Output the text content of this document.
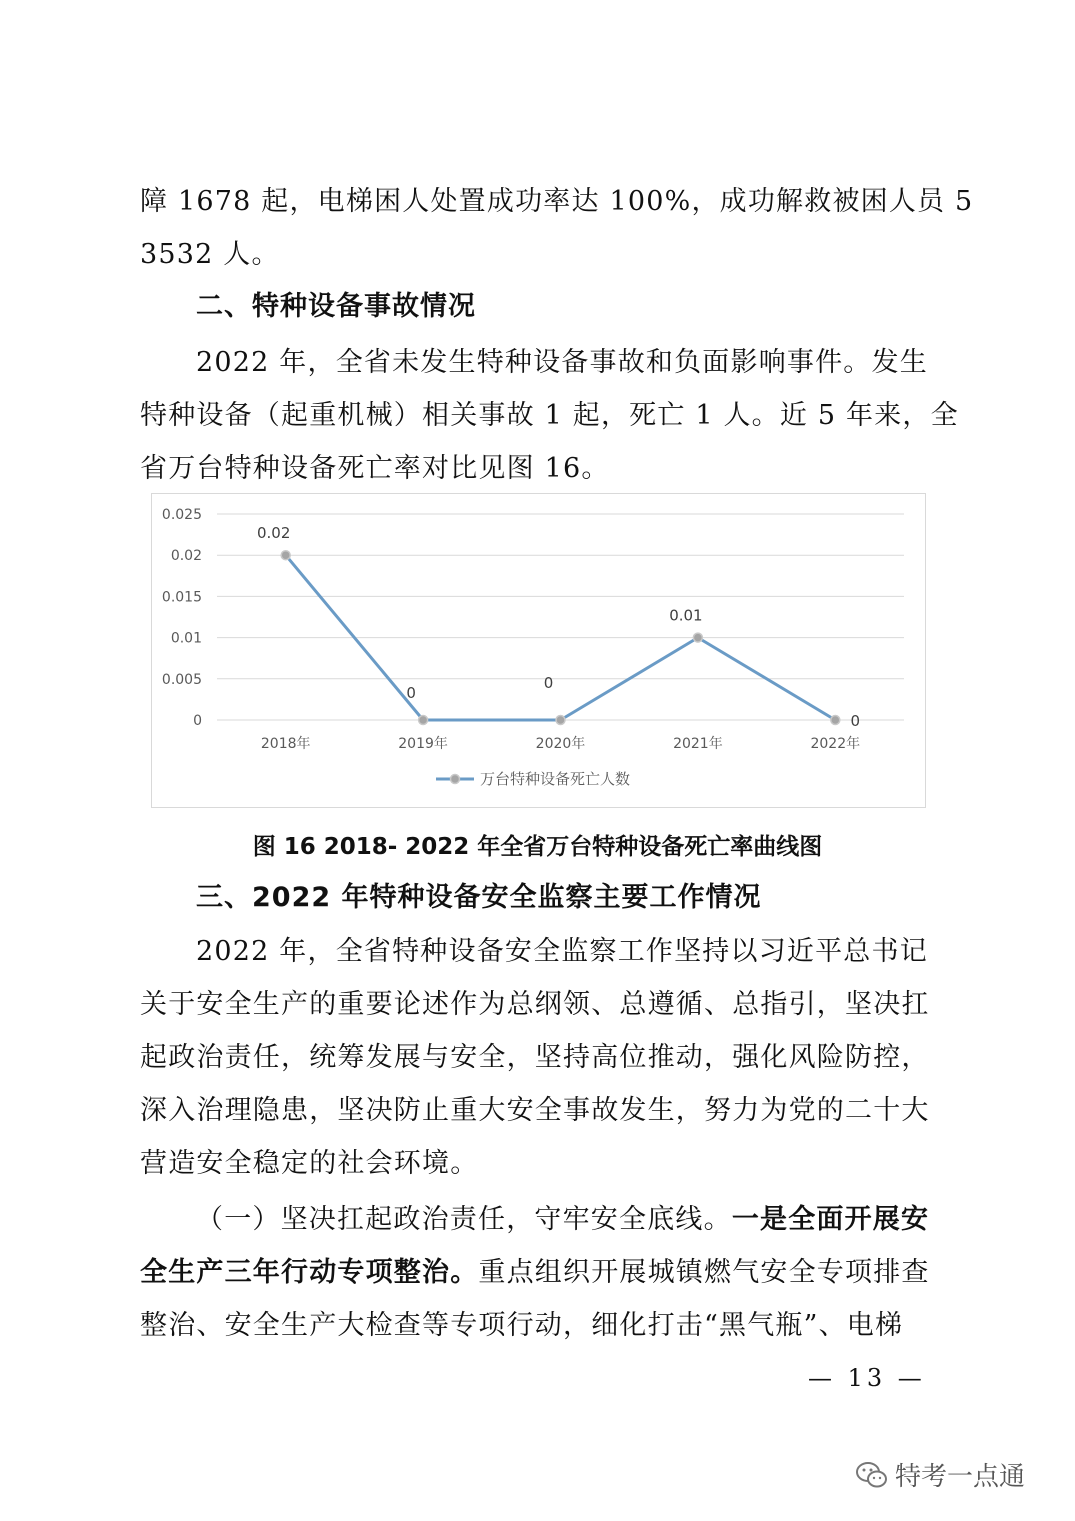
障 1678 起，电梯困人处置成功率达 100%，成功解救被困人员 5
3532 人。

二、特种设备事故情况

2022 年，全省未发生特种设备事故和负面影响事件。发生
特种设备（起重机械）相关事故 1 起，死亡 1 人。近 5 年来，全
省万台特种设备死亡率对比见图 16。

0
0.005
0.01
0.015
0.02
0.025
2018年	2019年	2020年	2021年	2022年
0.02
0
0
0.01
0
万台特种设备死亡人数
图 16 2018- 2022 年全省万台特种设备死亡率曲线图
三、2022 年特种设备安全监察主要工作情况

2022 年，全省特种设备安全监察工作坚持以习近平总书记
关于安全生产的重要论述作为总纲领、总遵循、总指引，坚决扛
起政治责任，统筹发展与安全，坚持高位推动，强化风险防控，
深入治理隐患，坚决防止重大安全事故发生，努力为党的二十大
营造安全稳定的社会环境。

（一）坚决扛起政治责任，守牢安全底线。一是全面开展安
全生产三年行动专项整治。重点组织开展城镇燃气安全专项排查
整治、安全生产大检查等专项行动，细化打击“黑气瓶”、电梯

— 13 —
特考一点通
